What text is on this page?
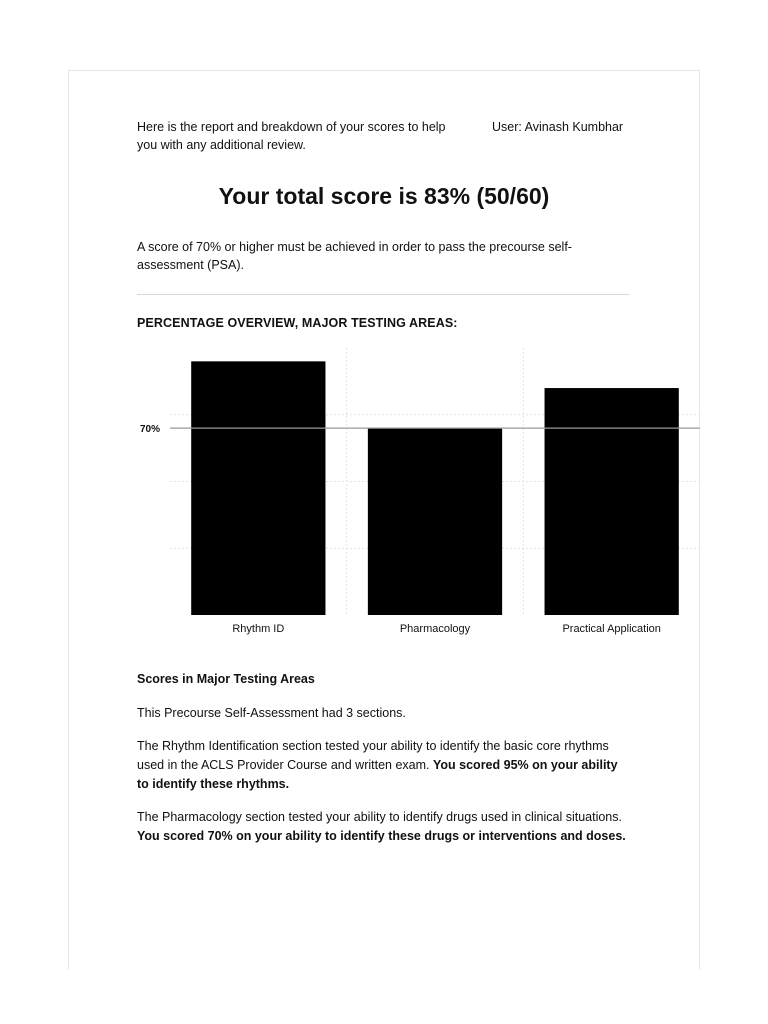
Here is the report and breakdown of your scores to help you with any additional review.
User: Avinash Kumbhar
Your total score is 83% (50/60)
A score of 70% or higher must be achieved in order to pass the precourse self-assessment (PSA).
PERCENTAGE OVERVIEW, MAJOR TESTING AREAS:
Rhythm ID	Pharmacology	Practical Application
70%
Scores in Major Testing Areas
This Precourse Self-Assessment had 3 sections.
The Rhythm Identification section tested your ability to identify the basic core rhythms used in the ACLS Provider Course and written exam. You scored 95% on your ability to identify these rhythms.
The Pharmacology section tested your ability to identify drugs used in clinical situations. You scored 70% on your ability to identify these drugs or interventions and doses.
